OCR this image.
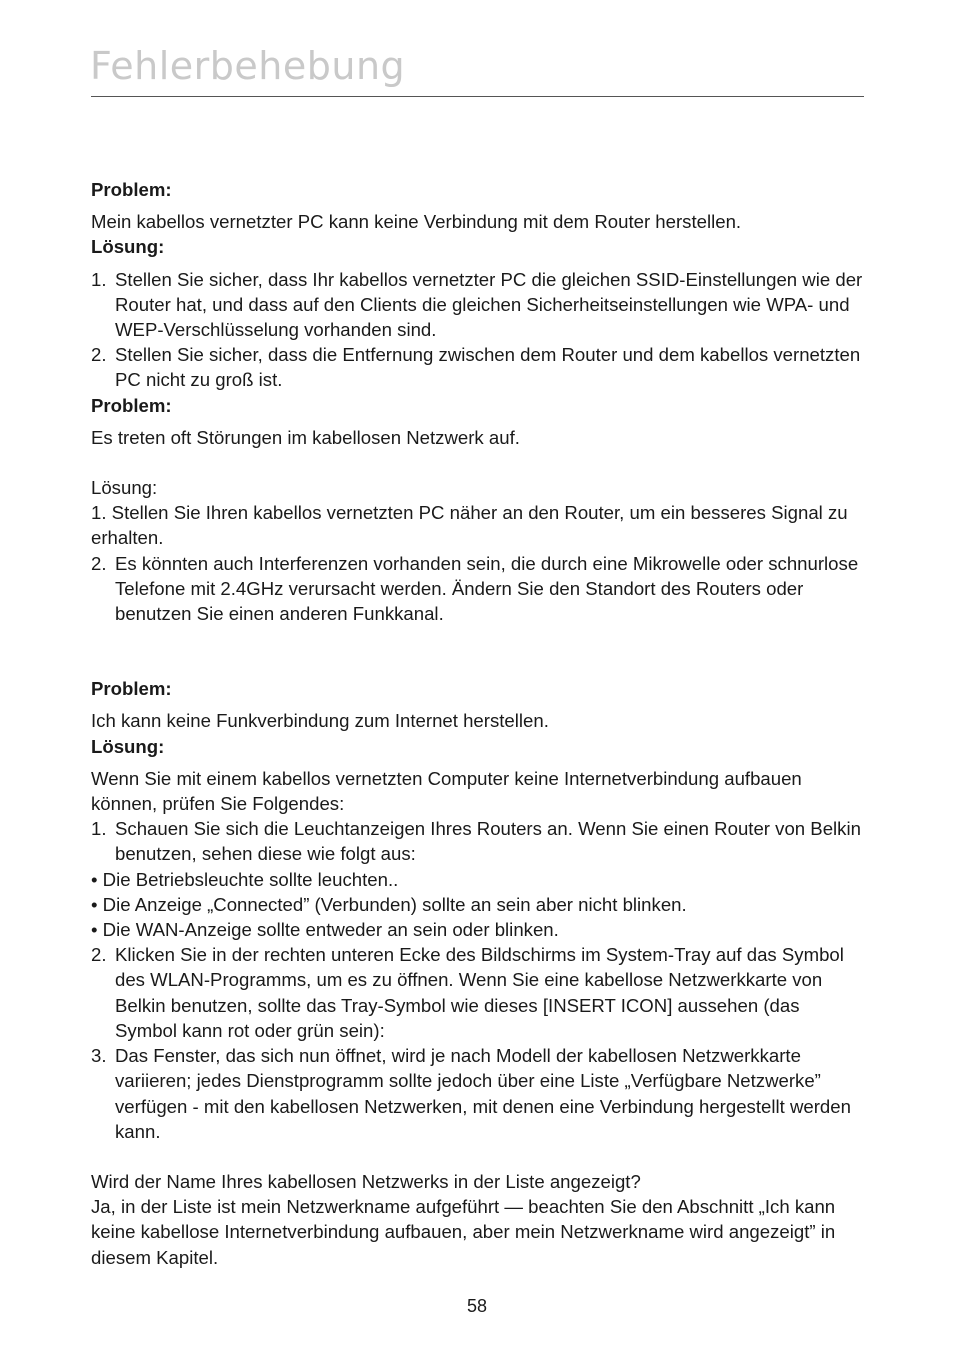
Fehlerbehebung

Problem:

Mein kabellos vernetzter PC kann keine Verbindung mit dem Router herstellen.

Lösung:

1. Stellen Sie sicher, dass Ihr kabellos vernetzter PC die gleichen SSID-Einstellungen wie der Router hat, und dass auf den Clients die gleichen Sicherheitseinstellungen wie WPA- und WEP-Verschlüsselung vorhanden sind.
2. Stellen Sie sicher, dass die Entfernung zwischen dem Router und dem kabellos vernetzten PC nicht zu groß ist.

Problem:

Es treten oft Störungen im kabellosen Netzwerk auf.

Lösung:

1. Stellen Sie Ihren kabellos vernetzten PC näher an den Router, um ein besseres Signal zu erhalten.

2. Es könnten auch Interferenzen vorhanden sein, die durch eine Mikrowelle oder schnurlose Telefone mit 2.4GHz verursacht werden. Ändern Sie den Standort des Routers oder benutzen Sie einen anderen Funkkanal.

Problem:

Ich kann keine Funkverbindung zum Internet herstellen.

Lösung:

Wenn Sie mit einem kabellos vernetzten Computer keine Internetverbindung aufbauen können, prüfen Sie Folgendes:

1. Schauen Sie sich die Leuchtanzeigen Ihres Routers an. Wenn Sie einen Router von Belkin benutzen, sehen diese wie folgt aus:

• Die Betriebsleuchte sollte leuchten..

• Die Anzeige „Connected” (Verbunden) sollte an sein aber nicht blinken.

• Die WAN-Anzeige sollte entweder an sein oder blinken.

2. Klicken Sie in der rechten unteren Ecke des Bildschirms im System-Tray auf das Symbol des WLAN-Programms, um es zu öffnen. Wenn Sie eine kabellose Netzwerkkarte von Belkin benutzen, sollte das Tray-Symbol wie dieses [INSERT ICON] aussehen (das Symbol kann rot oder grün sein):
3. Das Fenster, das sich nun öffnet, wird je nach Modell der kabellosen Netzwerkkarte variieren; jedes Dienstprogramm sollte jedoch über eine Liste „Verfügbare Netzwerke” verfügen - mit den kabellosen Netzwerken, mit denen eine Verbindung hergestellt werden kann.

Wird der Name Ihres kabellosen Netzwerks in der Liste angezeigt?

Ja, in der Liste ist mein Netzwerkname aufgeführt — beachten Sie den Abschnitt „Ich kann keine kabellose Internetverbindung aufbauen, aber mein Netzwerkname wird angezeigt” in diesem Kapitel.

58
